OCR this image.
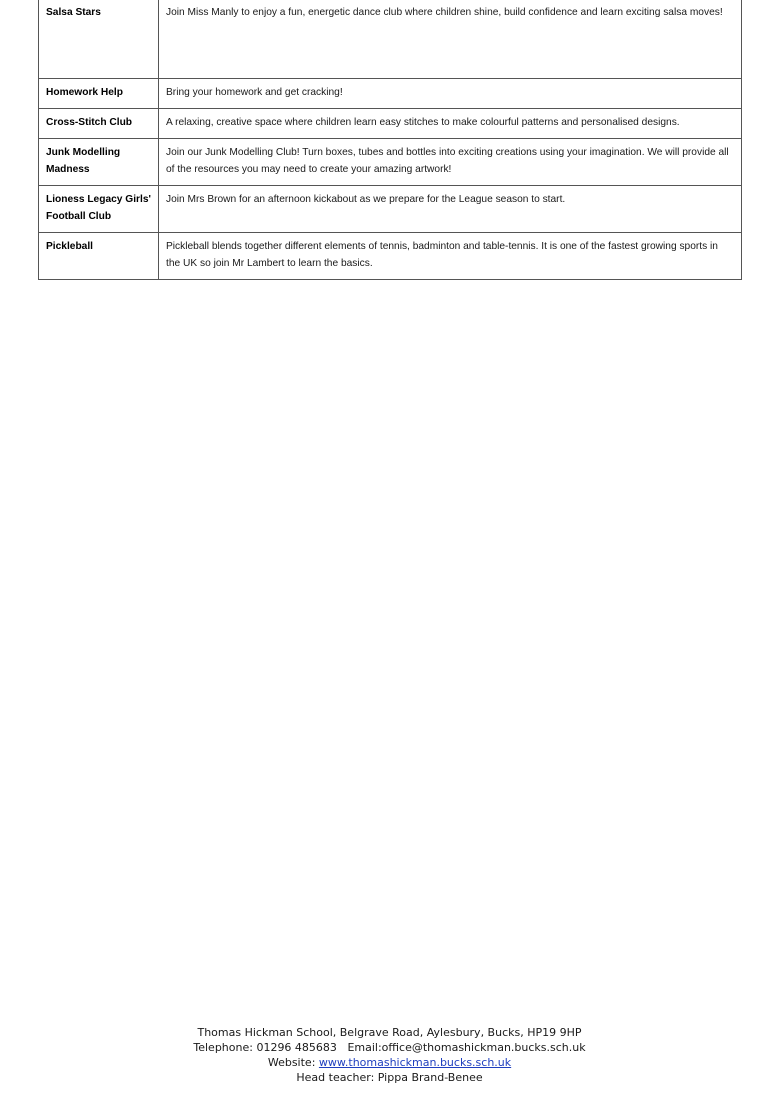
Salsa Stars	Join Miss Manly to enjoy a fun, energetic dance club where children shine, build confidence and learn exciting salsa moves!
Homework Help	Bring your homework and get cracking!
Cross-Stitch Club	A relaxing, creative space where children learn easy stitches to make colourful patterns and personalised designs.
Junk Modelling Madness	Join our Junk Modelling Club! Turn boxes, tubes and bottles into exciting creations using your imagination. We will provide all of the resources you may need to create your amazing artwork!
Lioness Legacy Girls' Football Club	Join Mrs Brown for an afternoon kickabout as we prepare for the League season to start.
Pickleball	Pickleball blends together different elements of tennis, badminton and table-tennis. It is one of the fastest growing sports in the UK so join Mr Lambert to learn the basics.
Thomas Hickman School, Belgrave Road, Aylesbury, Bucks, HP19 9HP
Telephone: 01296 485683 Email:office@thomashickman.bucks.sch.uk
Website: www.thomashickman.bucks.sch.uk
Head teacher: Pippa Brand-Benee
